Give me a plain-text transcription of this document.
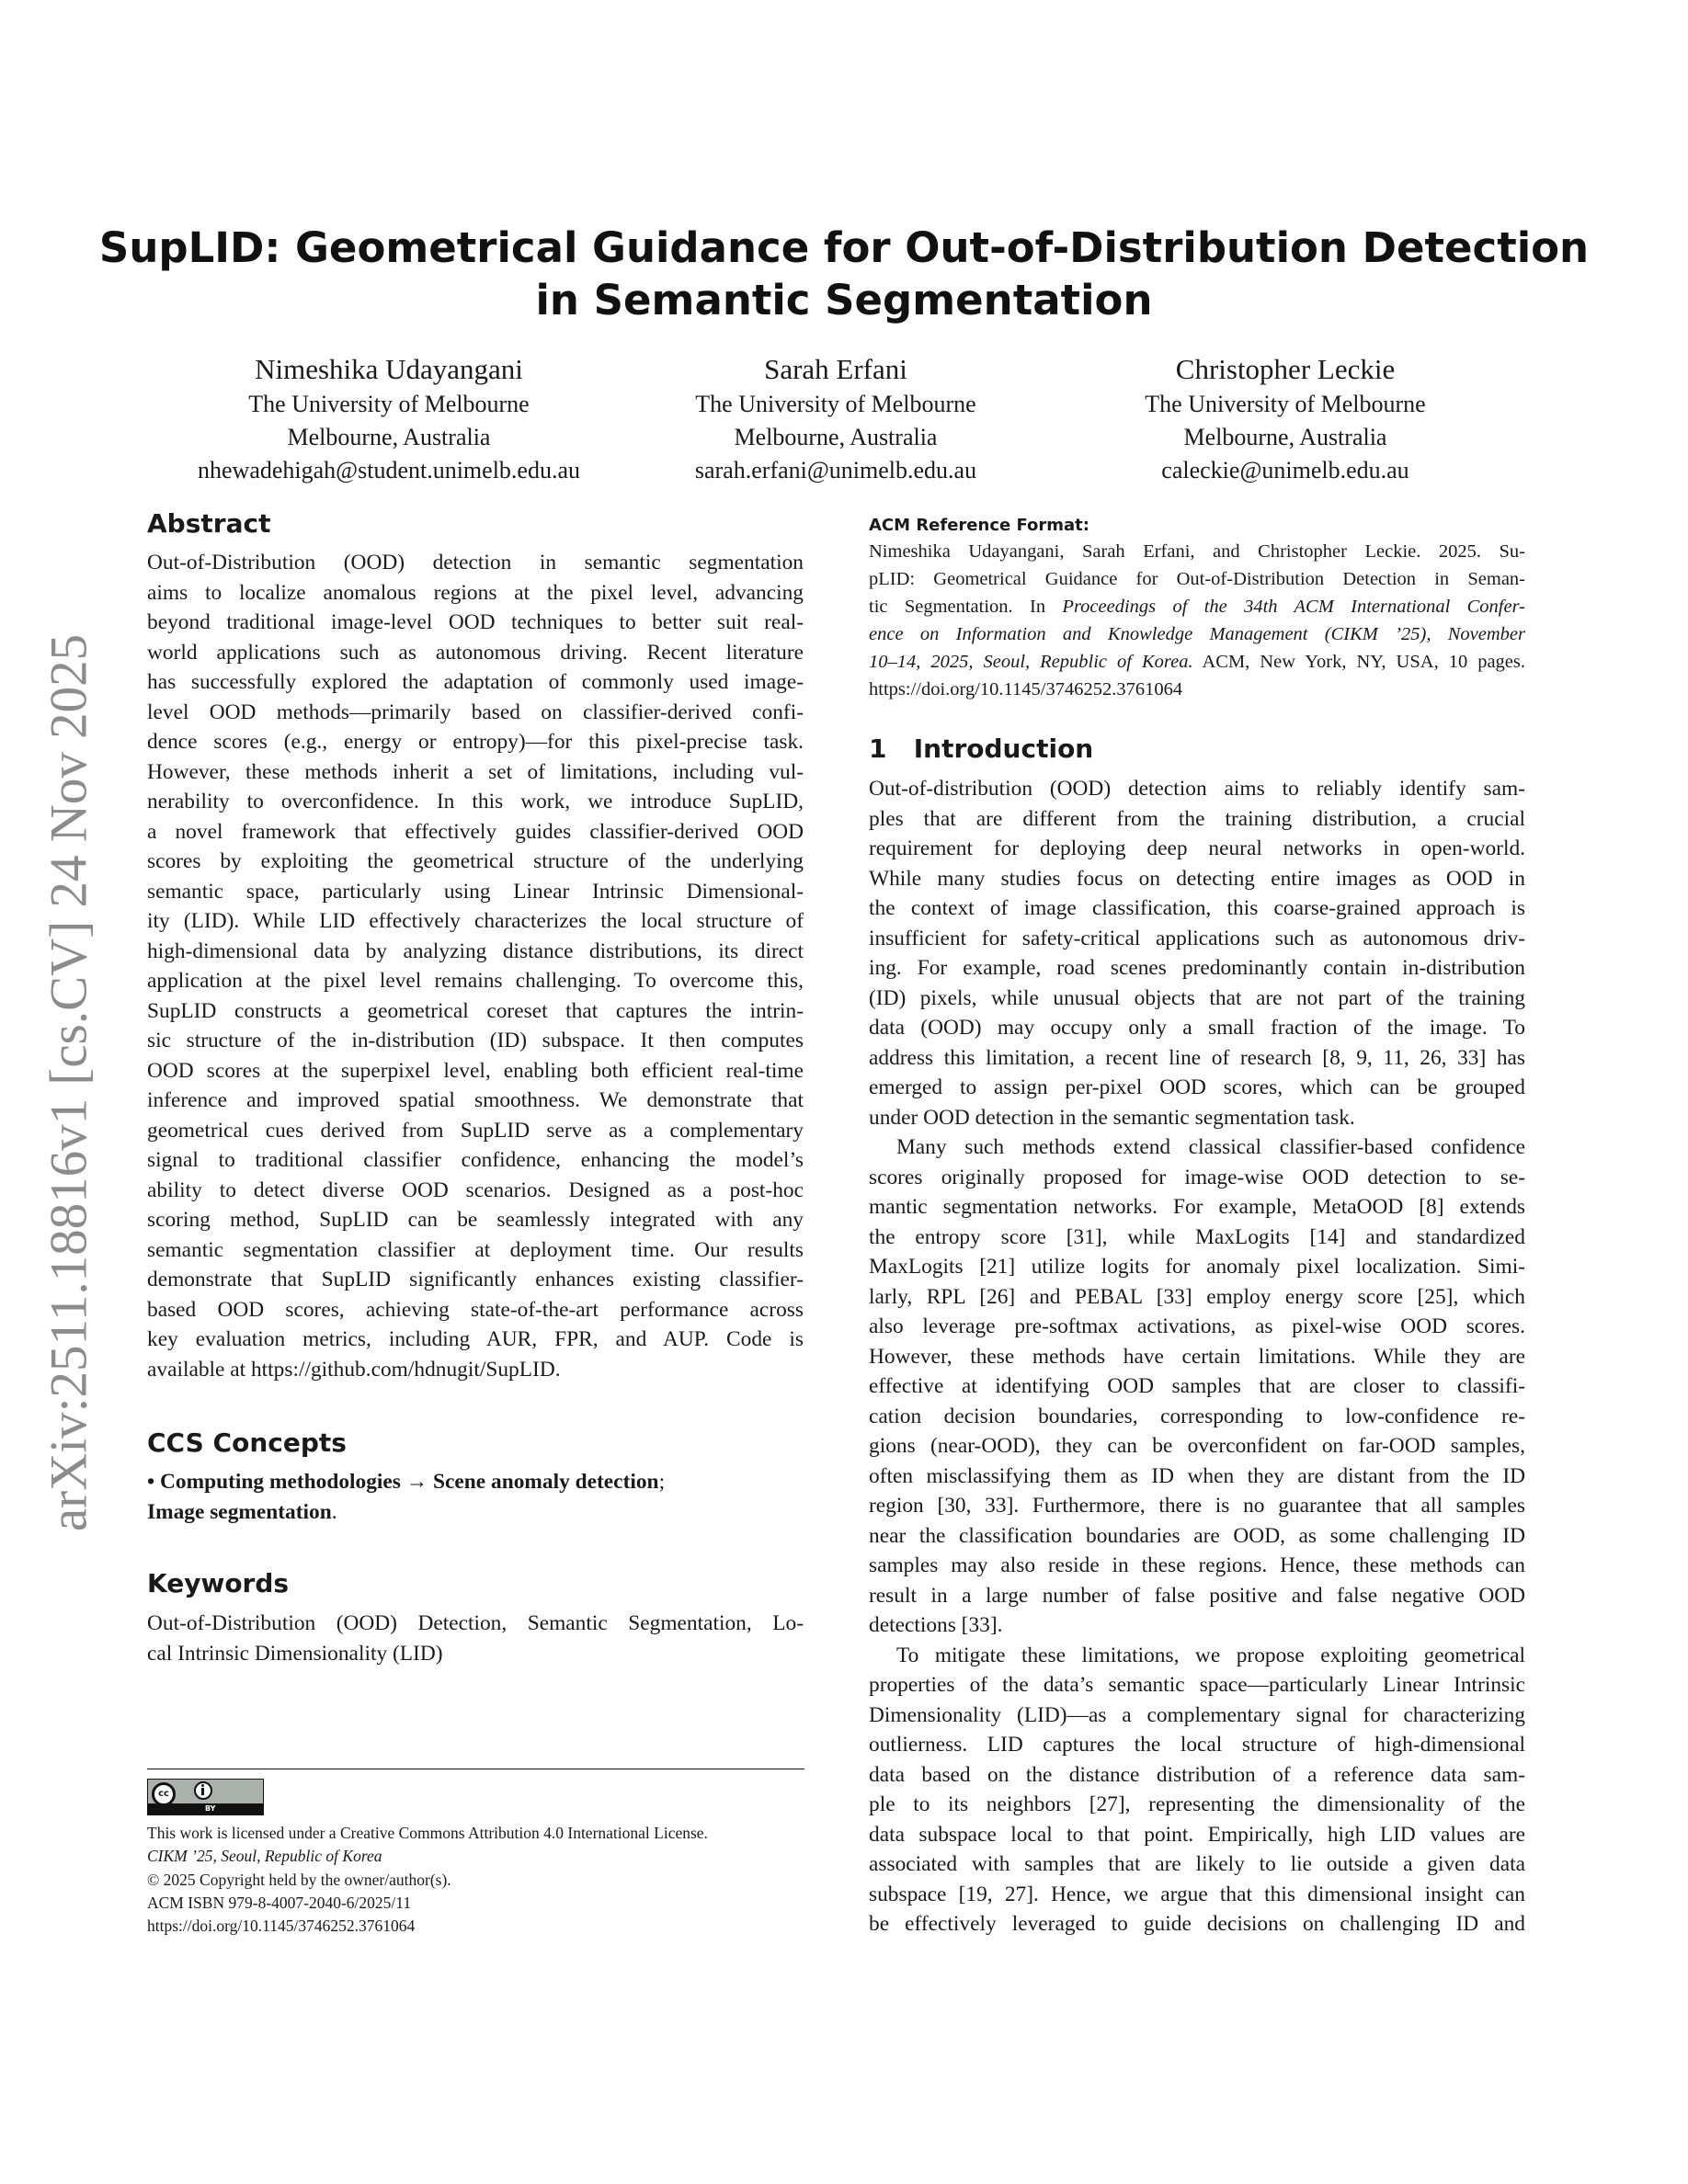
arXiv:2511.18816v1 [cs.CV] 24 Nov 2025
SupLID: Geometrical Guidance for Out-of-Distribution Detection
in Semantic Segmentation
Nimeshika Udayangani
The University of Melbourne
Melbourne, Australia
nhewadehigah@student.unimelb.edu.au
Sarah Erfani
The University of Melbourne
Melbourne, Australia
sarah.erfani@unimelb.edu.au
Christopher Leckie
The University of Melbourne
Melbourne, Australia
caleckie@unimelb.edu.au
Abstract
Out-of-Distribution (OOD) detection in semantic segmentation
aims to localize anomalous regions at the pixel level, advancing
beyond traditional image-level OOD techniques to better suit real-
world applications such as autonomous driving. Recent literature
has successfully explored the adaptation of commonly used image-
level OOD methods—primarily based on classifier-derived confi-
dence scores (e.g., energy or entropy)—for this pixel-precise task.
However, these methods inherit a set of limitations, including vul-
nerability to overconfidence. In this work, we introduce SupLID,
a novel framework that effectively guides classifier-derived OOD
scores by exploiting the geometrical structure of the underlying
semantic space, particularly using Linear Intrinsic Dimensional-
ity (LID). While LID effectively characterizes the local structure of
high-dimensional data by analyzing distance distributions, its direct
application at the pixel level remains challenging. To overcome this,
SupLID constructs a geometrical coreset that captures the intrin-
sic structure of the in-distribution (ID) subspace. It then computes
OOD scores at the superpixel level, enabling both efficient real-time
inference and improved spatial smoothness. We demonstrate that
geometrical cues derived from SupLID serve as a complementary
signal to traditional classifier confidence, enhancing the model’s
ability to detect diverse OOD scenarios. Designed as a post-hoc
scoring method, SupLID can be seamlessly integrated with any
semantic segmentation classifier at deployment time. Our results
demonstrate that SupLID significantly enhances existing classifier-
based OOD scores, achieving state-of-the-art performance across
key evaluation metrics, including AUR, FPR, and AUP. Code is
available at https://github.com/hdnugit/SupLID.
CCS Concepts
• Computing methodologies → Scene anomaly detection;
Image segmentation.
Keywords
Out-of-Distribution (OOD) Detection, Semantic Segmentation, Lo-
cal Intrinsic Dimensionality (LID)
cc
BY
This work is licensed under a Creative Commons Attribution 4.0 International License.
CIKM ’25, Seoul, Republic of Korea
© 2025 Copyright held by the owner/author(s).
ACM ISBN 979-8-4007-2040-6/2025/11
https://doi.org/10.1145/3746252.3761064
ACM Reference Format:
Nimeshika Udayangani, Sarah Erfani, and Christopher Leckie. 2025. Su-
pLID: Geometrical Guidance for Out-of-Distribution Detection in Seman-
tic Segmentation. In Proceedings of the 34th ACM International Confer-
ence on Information and Knowledge Management (CIKM ’25), November
10–14, 2025, Seoul, Republic of Korea. ACM, New York, NY, USA, 10 pages.
https://doi.org/10.1145/3746252.3761064
1   Introduction
Out-of-distribution (OOD) detection aims to reliably identify sam-
ples that are different from the training distribution, a crucial
requirement for deploying deep neural networks in open-world.
While many studies focus on detecting entire images as OOD in
the context of image classification, this coarse-grained approach is
insufficient for safety-critical applications such as autonomous driv-
ing. For example, road scenes predominantly contain in-distribution
(ID) pixels, while unusual objects that are not part of the training
data (OOD) may occupy only a small fraction of the image. To
address this limitation, a recent line of research [8, 9, 11, 26, 33] has
emerged to assign per-pixel OOD scores, which can be grouped
under OOD detection in the semantic segmentation task.
Many such methods extend classical classifier-based confidence
scores originally proposed for image-wise OOD detection to se-
mantic segmentation networks. For example, MetaOOD [8] extends
the entropy score [31], while MaxLogits [14] and standardized
MaxLogits [21] utilize logits for anomaly pixel localization. Simi-
larly, RPL [26] and PEBAL [33] employ energy score [25], which
also leverage pre-softmax activations, as pixel-wise OOD scores.
However, these methods have certain limitations. While they are
effective at identifying OOD samples that are closer to classifi-
cation decision boundaries, corresponding to low-confidence re-
gions (near-OOD), they can be overconfident on far-OOD samples,
often misclassifying them as ID when they are distant from the ID
region [30, 33]. Furthermore, there is no guarantee that all samples
near the classification boundaries are OOD, as some challenging ID
samples may also reside in these regions. Hence, these methods can
result in a large number of false positive and false negative OOD
detections [33].
To mitigate these limitations, we propose exploiting geometrical
properties of the data’s semantic space—particularly Linear Intrinsic
Dimensionality (LID)—as a complementary signal for characterizing
outlierness. LID captures the local structure of high-dimensional
data based on the distance distribution of a reference data sam-
ple to its neighbors [27], representing the dimensionality of the
data subspace local to that point. Empirically, high LID values are
associated with samples that are likely to lie outside a given data
subspace [19, 27]. Hence, we argue that this dimensional insight can
be effectively leveraged to guide decisions on challenging ID and
